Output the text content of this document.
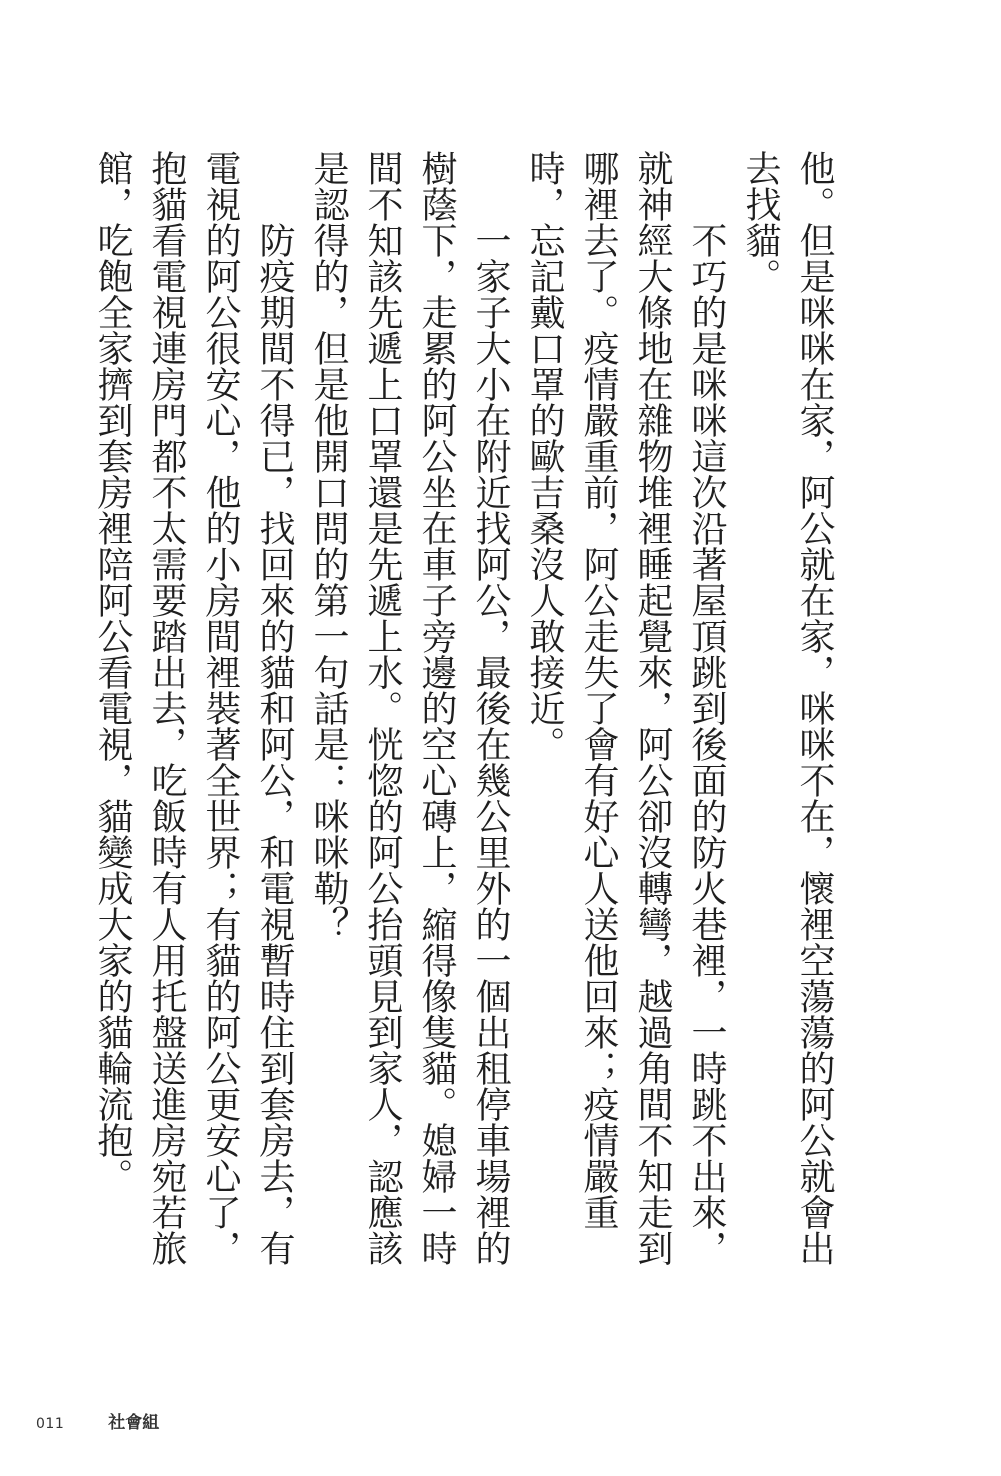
他。但是咪咪在家，阿公就在家，咪咪不在，懷裡空蕩蕩的阿公就會出去找貓。

不巧的是咪咪這次沿著屋頂跳到後面的防火巷裡，一時跳不出來，就神經大條地在雜物堆裡睡起覺來，阿公卻沒轉彎，越過角間不知走到哪裡去了。疫情嚴重前，阿公走失了會有好心人送他回來；疫情嚴重時，忘記戴口罩的歐吉桑沒人敢接近。

一家子大小在附近找阿公，最後在幾公里外的一個出租停車場裡的樹蔭下，走累的阿公坐在車子旁邊的空心磚上，縮得像隻貓。媳婦一時間不知該先遞上口罩還是先遞上水。恍惚的阿公抬頭見到家人，認應該是認得的，但是他開口問的第一句話是：咪咪勒？

防疫期間不得已，找回來的貓和阿公，和電視暫時住到套房去，有電視的阿公很安心，他的小房間裡裝著全世界；有貓的阿公更安心了，抱貓看電視連房門都不太需要踏出去，吃飯時有人用托盤送進房宛若旅館，吃飽全家擠到套房裡陪阿公看電視，貓變成大家的貓輪流抱。

011	社會組
